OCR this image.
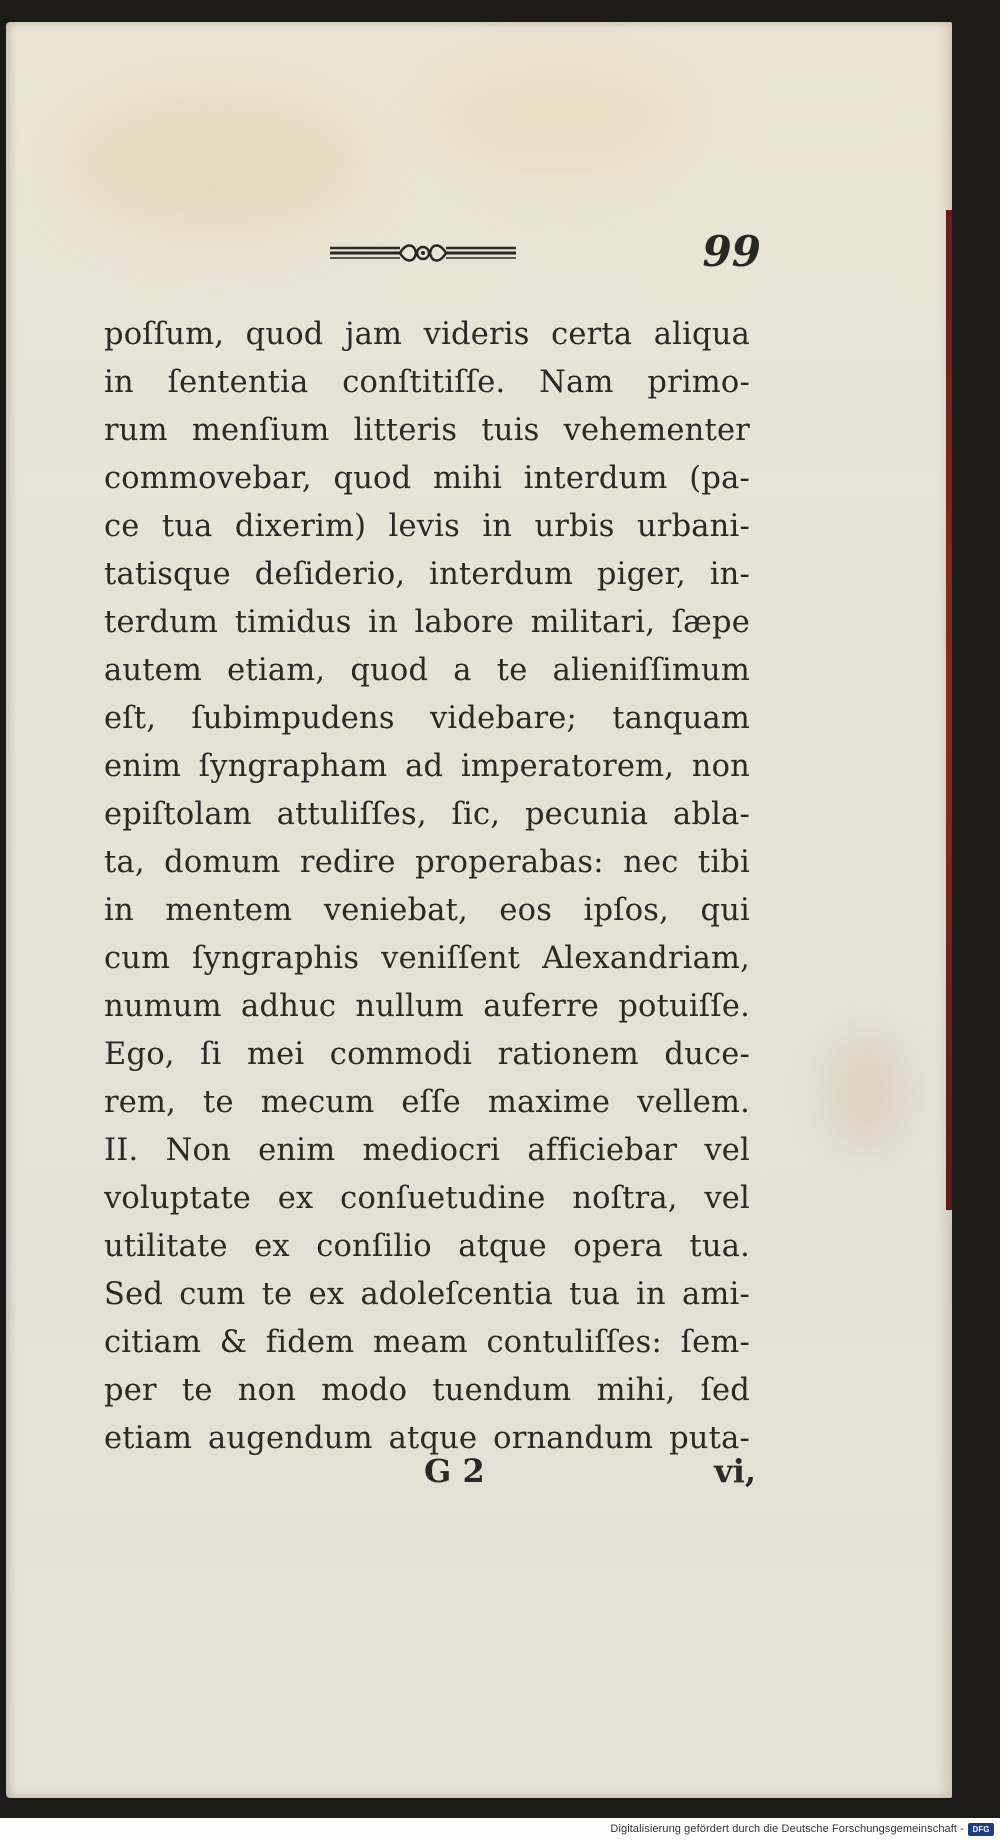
99
poſſum, quod jam videris certa aliqua
in ſententia conſtitiſſe. Nam primo-
rum menſium litteris tuis vehementer
commovebar, quod mihi interdum (pa-
ce tua dixerim) levis in urbis urbani-
tatisque deſiderio, interdum piger, in-
terdum timidus in labore militari, ſæpe
autem etiam, quod a te alieniſſimum
eſt, ſubimpudens videbare; tanquam
enim ſyngrapham ad imperatorem, non
epiſtolam attuliſſes, ſic, pecunia abla-
ta, domum redire properabas: nec tibi
in mentem veniebat, eos ipſos, qui
cum ſyngraphis veniſſent Alexandriam,
numum adhuc nullum auferre potuiſſe.
Ego, ſi mei commodi rationem duce-
rem, te mecum eſſe maxime vellem.
II. Non enim mediocri afficiebar vel
voluptate ex conſuetudine noſtra, vel
utilitate ex conſilio atque opera tua.
Sed cum te ex adoleſcentia tua in ami-
citiam & fidem meam contuliſſes: ſem-
per te non modo tuendum mihi, ſed
etiam augendum atque ornandum puta-
G 2	vi,
Digitalisierung gefördert durch die Deutsche Forschungsgemeinschaft -	DFG
